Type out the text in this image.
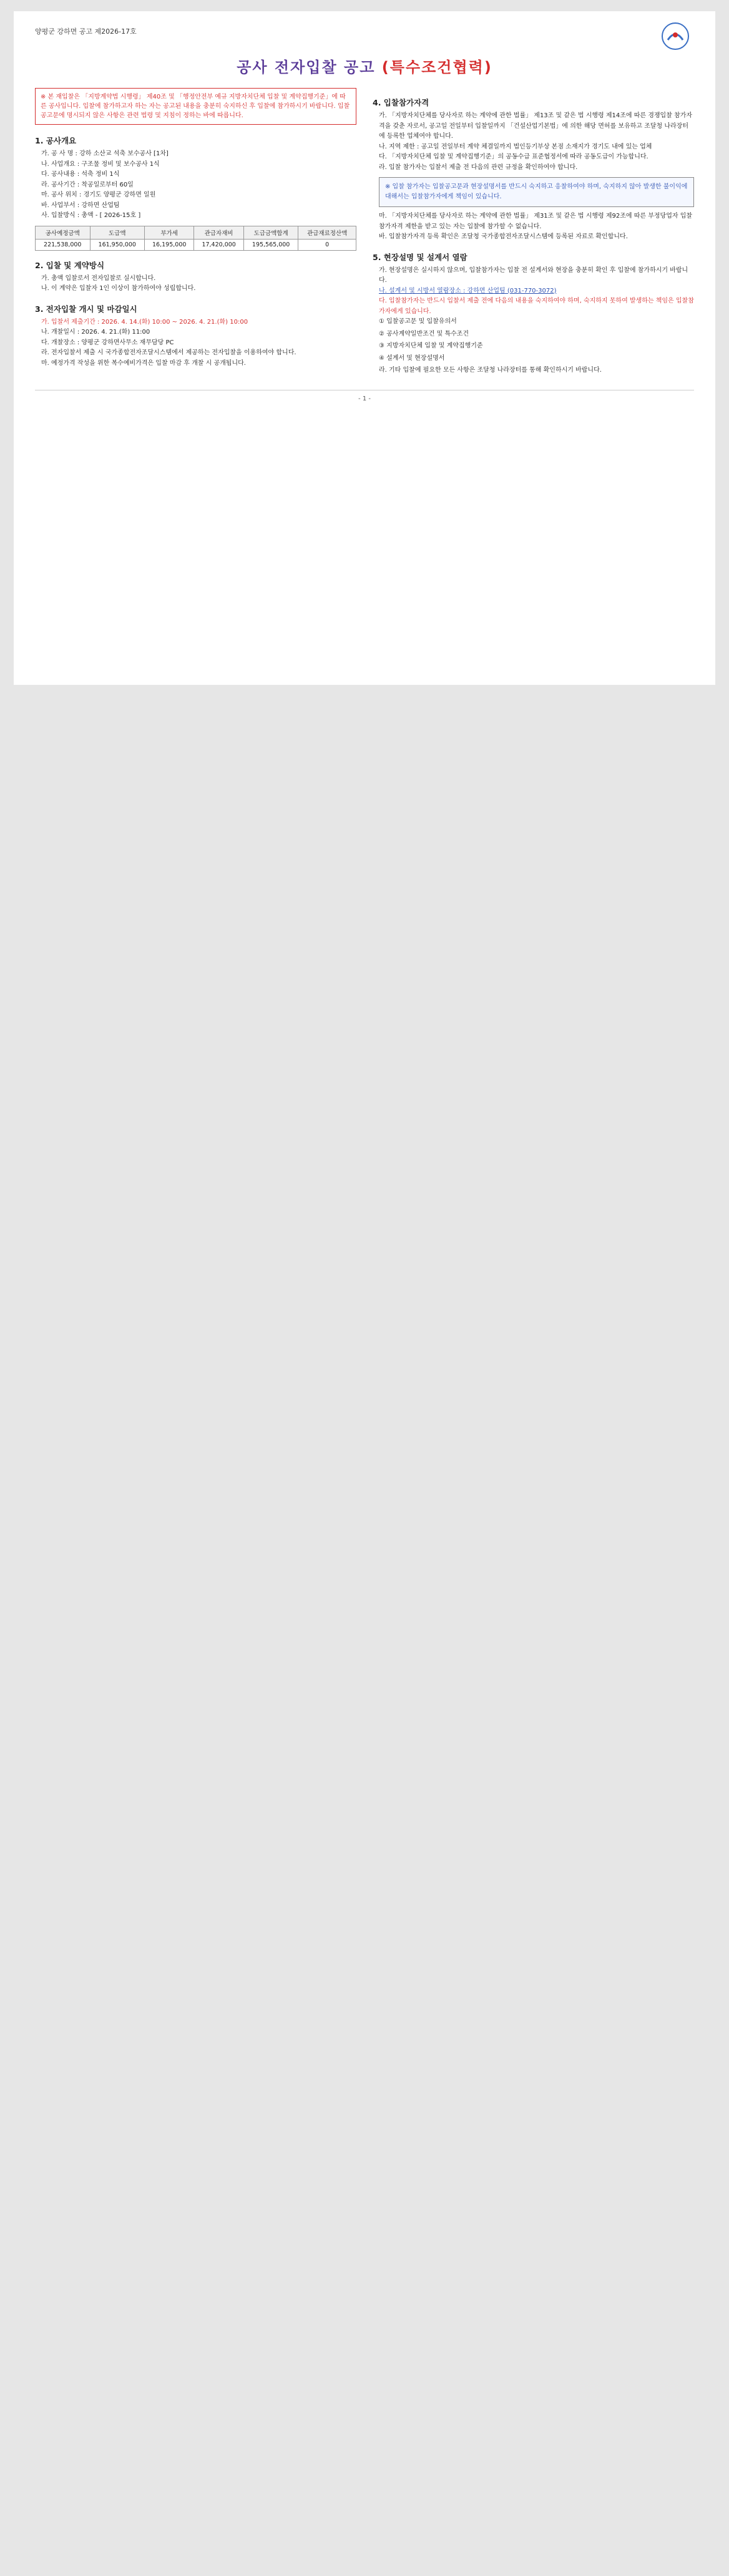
양평군 강하면 공고 제2026-17호
공사 전자입찰 공고 (특수조건협력)
※ 본 재입찰은 「지방계약법 시행령」 제40조 및 「행정안전부 예규 지방자치단체 입찰 및 계약집행기준」에 따른 공사입니다. 입찰에 참가하고자 하는 자는 공고된 내용을 충분히 숙지하신 후 입찰에 참가하시기 바랍니다. 입찰공고문에 명시되지 않은 사항은 관련 법령 및 지침이 정하는 바에 따릅니다.
1. 공사개요
가. 공 사 명 : 강하 소산교 석축 보수공사 [1차]
나. 사업개요 : 구조물 정비 및 보수공사 1식
다. 공사내용 : 석축 정비 1식
라. 공사기간 : 착공일로부터 60일
마. 공사 위치 : 경기도 양평군 강하면 일원
바. 사업부서 : 강하면 산업팀
사. 입찰방식 : 총액 - [ 2026-15호 ]
공사예정금액	도급액	부가세	관급자재비	도급금액합계	관급재료정산액
221,538,000	161,950,000	16,195,000	17,420,000	195,565,000	0
2. 입찰 및 계약방식
가. 총액 입찰로서 전자입찰로 실시합니다.
나. 이 계약은 입찰자 1인 이상이 참가하여야 성립합니다.
3. 전자입찰 개시 및 마감일시
가. 입찰서 제출기간 : 2026. 4. 14.(화) 10:00 ~ 2026. 4. 21.(화) 10:00
나. 개찰일시 : 2026. 4. 21.(화) 11:00
다. 개찰장소 : 양평군 강하면사무소 재무담당 PC
라. 전자입찰서 제출 시 국가종합전자조달시스템에서 제공하는 전자입찰을 이용하여야 합니다.
마. 예정가격 작성을 위한 복수예비가격은 입찰 마감 후 개찰 시 공개됩니다.
4. 입찰참가자격
가. 「지방자치단체를 당사자로 하는 계약에 관한 법률」 제13조 및 같은 법 시행령 제14조에 따른 경쟁입찰 참가자격을 갖춘 자로서, 공고일 전일부터 입찰일까지 「건설산업기본법」에 의한 해당 면허를 보유하고 조달청 나라장터에 등록한 업체여야 합니다.
나. 지역 제한 : 공고일 전일부터 계약 체결일까지 법인등기부상 본점 소재지가 경기도 내에 있는 업체
다. 「지방자치단체 입찰 및 계약집행기준」의 공동수급 표준협정서에 따라 공동도급이 가능합니다.
라. 입찰 참가자는 입찰서 제출 전 다음의 관련 규정을 확인하여야 합니다.
※ 입찰 참가자는 입찰공고문과 현장설명서를 반드시 숙지하고 응찰하여야 하며, 숙지하지 않아 발생한 불이익에 대해서는 입찰참가자에게 책임이 있습니다.
마. 「지방자치단체를 당사자로 하는 계약에 관한 법률」 제31조 및 같은 법 시행령 제92조에 따른 부정당업자 입찰참가자격 제한을 받고 있는 자는 입찰에 참가할 수 없습니다.
바. 입찰참가자격 등록 확인은 조달청 국가종합전자조달시스템에 등록된 자료로 확인합니다.
5. 현장설명 및 설계서 열람
가. 현장설명은 실시하지 않으며, 입찰참가자는 입찰 전 설계서와 현장을 충분히 확인 후 입찰에 참가하시기 바랍니다.
나. 설계서 및 시방서 열람장소 : 강하면 산업팀 (031-770-3072)
다. 입찰참가자는 반드시 입찰서 제출 전에 다음의 내용을 숙지하여야 하며, 숙지하지 못하여 발생하는 책임은 입찰참가자에게 있습니다.
① 입찰공고문 및 입찰유의서
② 공사계약일반조건 및 특수조건
③ 지방자치단체 입찰 및 계약집행기준
④ 설계서 및 현장설명서
라. 기타 입찰에 필요한 모든 사항은 조달청 나라장터를 통해 확인하시기 바랍니다.
- 1 -
